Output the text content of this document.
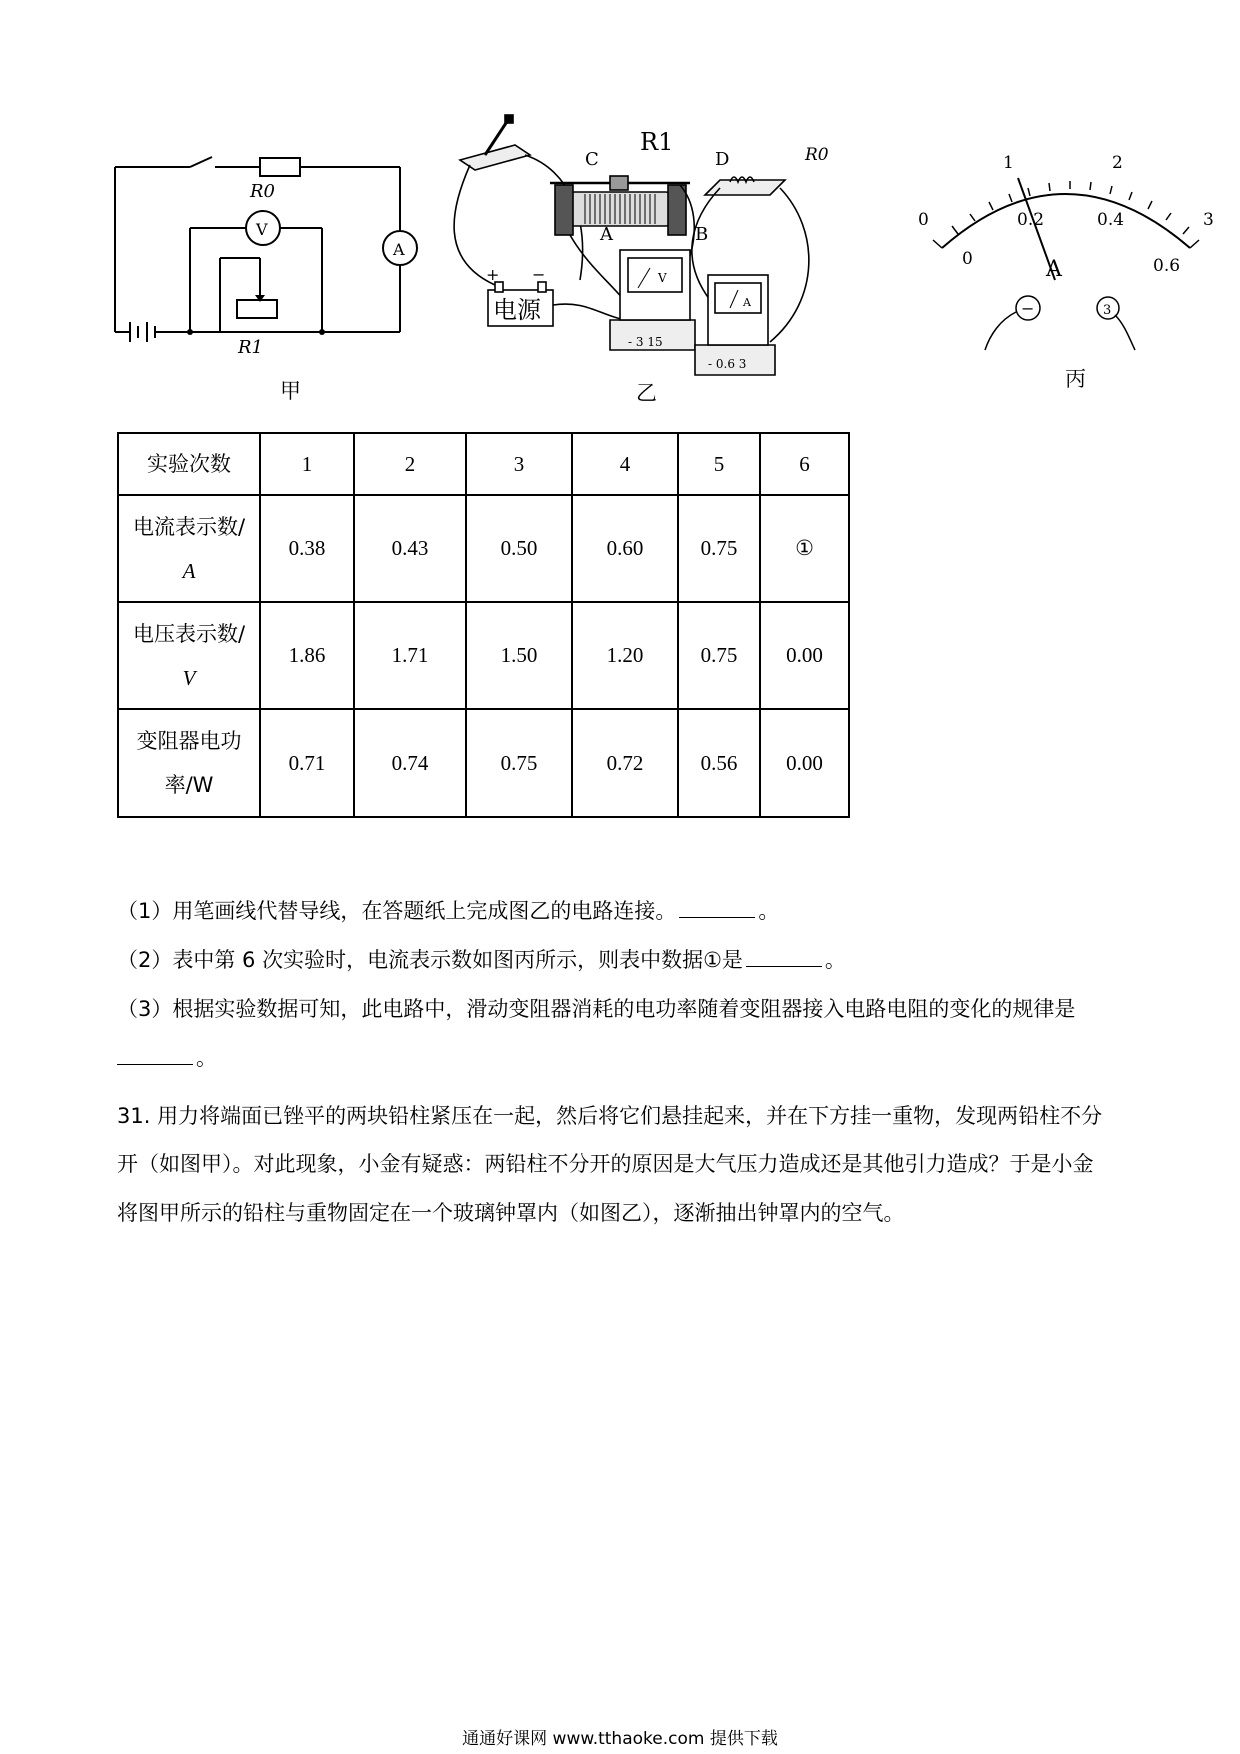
R0
R1
V
A
甲
C
R1
D
A	B
R0
电源
+ −	V
- 3 15
A
- 0.6 3
乙
0
1	2
3
0
0.2	0.4
0.6
A
−	3
丙
实验次数	1	2	3	4	5	6
电流表示数/
A	0.38	0.43	0.50	0.60	0.75	①
电压表示数/
V	1.86	1.71	1.50	1.20	0.75	0.00
变阻器电功
率/W	0.71	0.74	0.75	0.72	0.56	0.00
（1）用笔画线代替导线，在答题纸上完成图乙的电路连接。	。
（2）表中第 6 次实验时，电流表示数如图丙所示，则表中数据①是	。
（3）根据实验数据可知，此电路中，滑动变阻器消耗的电功率随着变阻器接入电路电阻的变化的规律是
。
31. 用力将端面已锉平的两块铅柱紧压在一起，然后将它们悬挂起来，并在下方挂一重物，发现两铅柱不分
开（如图甲）。对此现象，小金有疑惑：两铅柱不分开的原因是大气压力造成还是其他引力造成？于是小金
将图甲所示的铅柱与重物固定在一个玻璃钟罩内（如图乙），逐渐抽出钟罩内的空气。
通通好课网 www.tthaoke.com 提供下载
